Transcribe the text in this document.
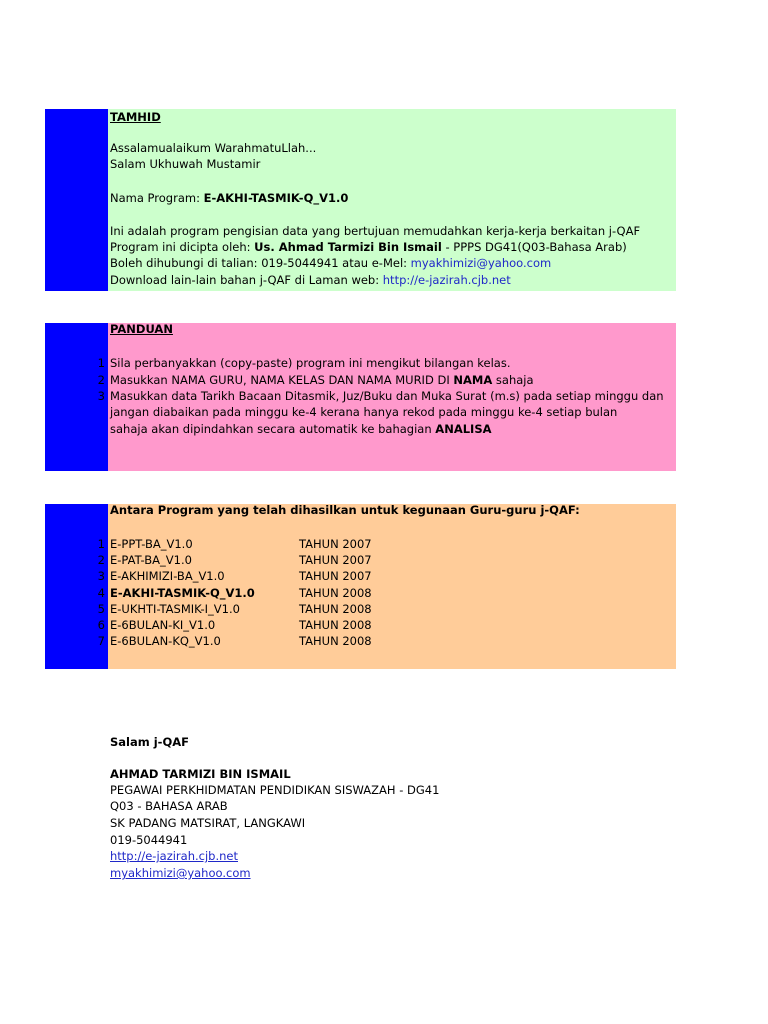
TAMHID
Assalamualaikum WarahmatuLlah...
Salam Ukhuwah Mustamir
Nama Program: E-AKHI-TASMIK-Q_V1.0
Ini adalah program pengisian data yang bertujuan memudahkan kerja-kerja berkaitan j-QAF
Program ini dicipta oleh: Us. Ahmad Tarmizi Bin Ismail - PPPS DG41(Q03-Bahasa Arab)
Boleh dihubungi di talian: 019-5044941 atau e-Mel: myakhimizi@yahoo.com
Download lain-lain bahan j-QAF di Laman web: http://e-jazirah.cjb.net
PANDUAN
1 Sila perbanyakkan (copy-paste) program ini mengikut bilangan kelas.
2 Masukkan NAMA GURU, NAMA KELAS DAN NAMA MURID DI NAMA sahaja
3 Masukkan data Tarikh Bacaan Ditasmik, Juz/Buku dan Muka Surat (m.s) pada setiap minggu dan
jangan diabaikan pada minggu ke-4 kerana hanya rekod pada minggu ke-4 setiap bulan
sahaja akan dipindahkan secara automatik ke bahagian ANALISA
Antara Program yang telah dihasilkan untuk kegunaan Guru-guru j-QAF:
1 E-PPT-BA_V1.0	TAHUN 2007
2 E-PAT-BA_V1.0	TAHUN 2007
3 E-AKHIMIZI-BA_V1.0	TAHUN 2007
4 E-AKHI-TASMIK-Q_V1.0	TAHUN 2008
5 E-UKHTI-TASMIK-I_V1.0	TAHUN 2008
6 E-6BULAN-KI_V1.0	TAHUN 2008
7 E-6BULAN-KQ_V1.0	TAHUN 2008
Salam j-QAF
AHMAD TARMIZI BIN ISMAIL
PEGAWAI PERKHIDMATAN PENDIDIKAN SISWAZAH - DG41
Q03 - BAHASA ARAB
SK PADANG MATSIRAT, LANGKAWI
019-5044941
http://e-jazirah.cjb.net
myakhimizi@yahoo.com
